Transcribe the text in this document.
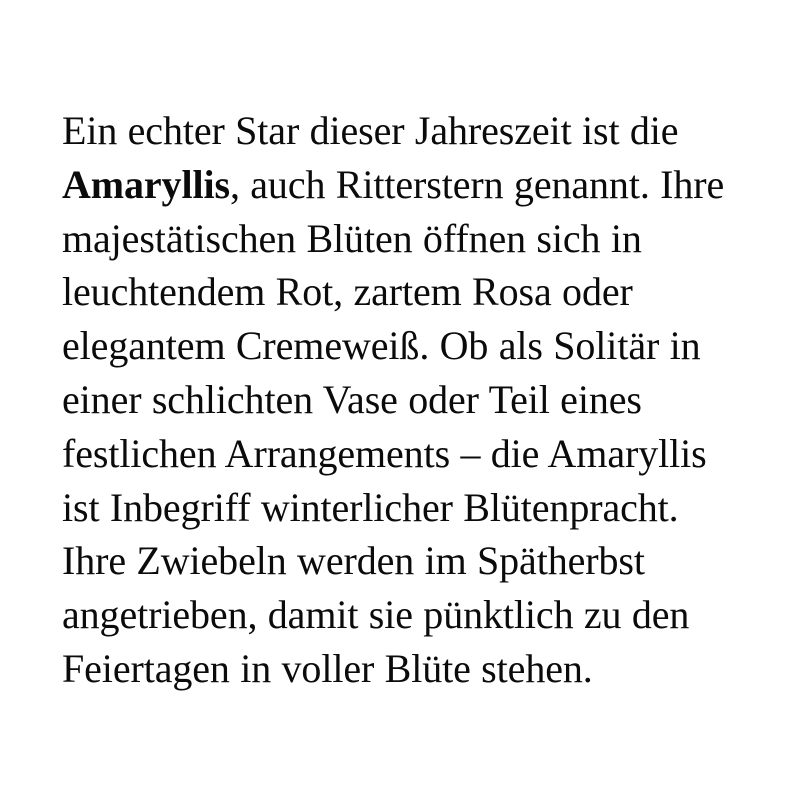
Ein echter Star dieser Jahreszeit ist die Amaryllis, auch Ritterstern genannt. Ihre majestätischen Blüten öffnen sich in leuchtendem Rot, zartem Rosa oder elegantem Cremeweiß. Ob als Solitär in einer schlichten Vase oder Teil eines festlichen Arrangements – die Amaryllis ist Inbegriff winterlicher Blütenpracht. Ihre Zwiebeln werden im Spätherbst angetrieben, damit sie pünktlich zu den Feiertagen in voller Blüte stehen.
